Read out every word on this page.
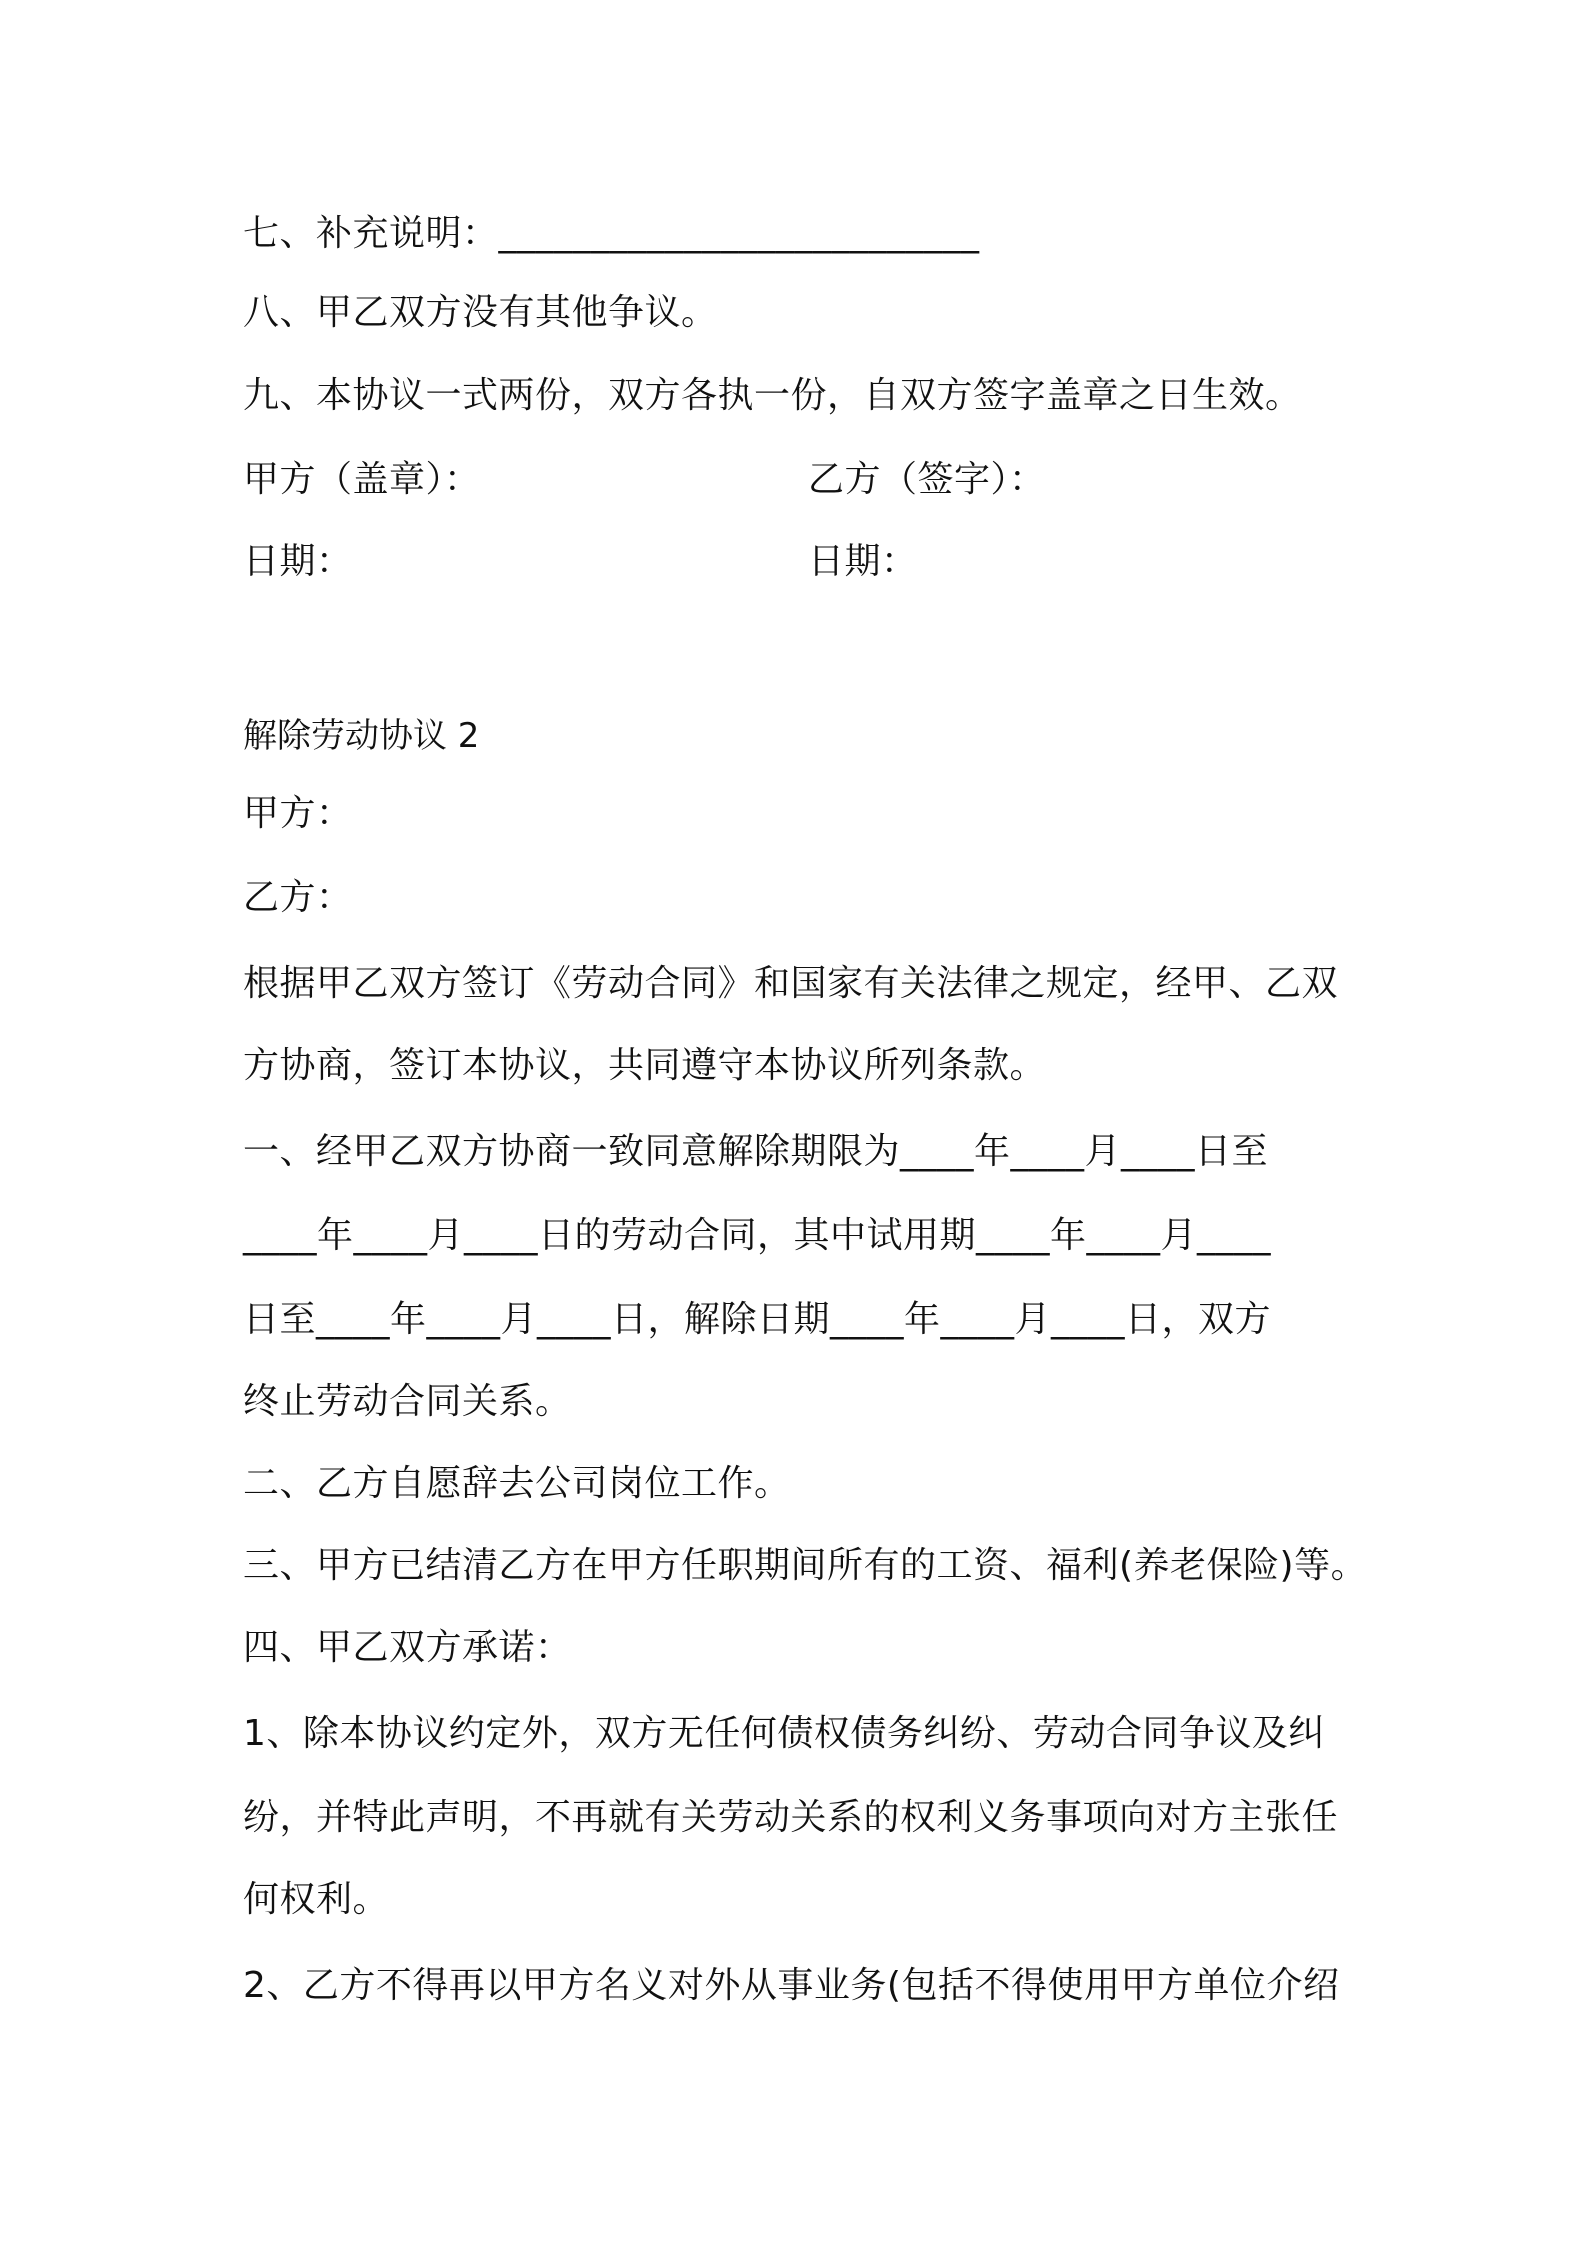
七、补充说明：__________________________
八、甲乙双方没有其他争议。
九、本协议一式两份，双方各执一份，自双方签字盖章之日生效。
甲方（盖章）：	乙方（签字）：
日期：	日期：
解除劳动协议 2
甲方：
乙方：
根据甲乙双方签订《劳动合同》和国家有关法律之规定，经甲、乙双
方协商，签订本协议，共同遵守本协议所列条款。
一、经甲乙双方协商一致同意解除期限为____年____月____日至
____年____月____日的劳动合同，其中试用期____年____月____
日至____年____月____日，解除日期____年____月____日，双方
终止劳动合同关系。
二、乙方自愿辞去公司岗位工作。
三、甲方已结清乙方在甲方任职期间所有的工资、福利(养老保险)等。
四、甲乙双方承诺：
1、除本协议约定外，双方无任何债权债务纠纷、劳动合同争议及纠
纷，并特此声明，不再就有关劳动关系的权利义务事项向对方主张任
何权利。
2、乙方不得再以甲方名义对外从事业务(包括不得使用甲方单位介绍
